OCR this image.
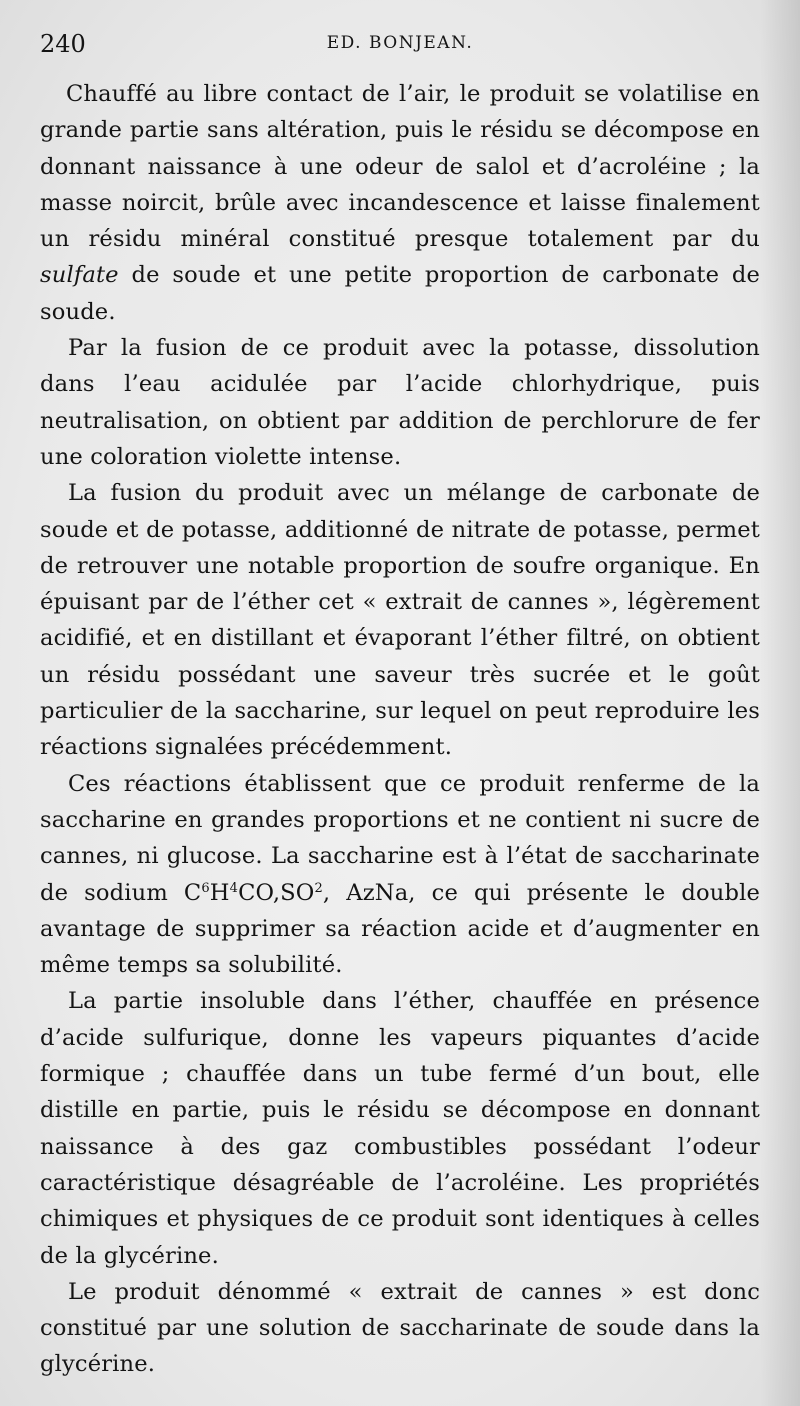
240	ED. BONJEAN.

Chauffé au libre contact de l’air, le produit se volatilise en grande partie sans altération, puis le résidu se décompose en donnant naissance à une odeur de salol et d’acroléine ; la masse noircit, brûle avec incandescence et laisse finalement un résidu minéral constitué presque totalement par du sulfate de soude et une petite proportion de carbonate de soude.

Par la fusion de ce produit avec la potasse, dissolution dans l’eau acidulée par l’acide chlorhydrique, puis neutralisation, on obtient par addition de perchlorure de fer une coloration violette intense.

La fusion du produit avec un mélange de carbonate de soude et de potasse, additionné de nitrate de potasse, permet de retrouver une notable proportion de soufre organique. En épuisant par de l’éther cet « extrait de cannes », légèrement acidifié, et en distillant et évaporant l’éther filtré, on obtient un résidu possédant une saveur très sucrée et le goût particulier de la saccharine, sur lequel on peut reproduire les réactions signalées précédemment.

Ces réactions établissent que ce produit renferme de la saccharine en grandes proportions et ne contient ni sucre de cannes, ni glucose. La saccharine est à l’état de saccharinate de sodium $C^6H^4CO,SO^2$, AzNa, ce qui présente le double avantage de supprimer sa réaction acide et d’augmenter en même temps sa solubilité.

La partie insoluble dans l’éther, chauffée en présence d’acide sulfurique, donne les vapeurs piquantes d’acide formique ; chauffée dans un tube fermé d’un bout, elle distille en partie, puis le résidu se décompose en donnant naissance à des gaz combustibles possédant l’odeur caractéristique désagréable de l’acroléine. Les propriétés chimiques et physiques de ce produit sont identiques à celles de la glycérine.

Le produit dénommé « extrait de cannes » est donc constitué par une solution de saccharinate de soude dans la glycérine.
